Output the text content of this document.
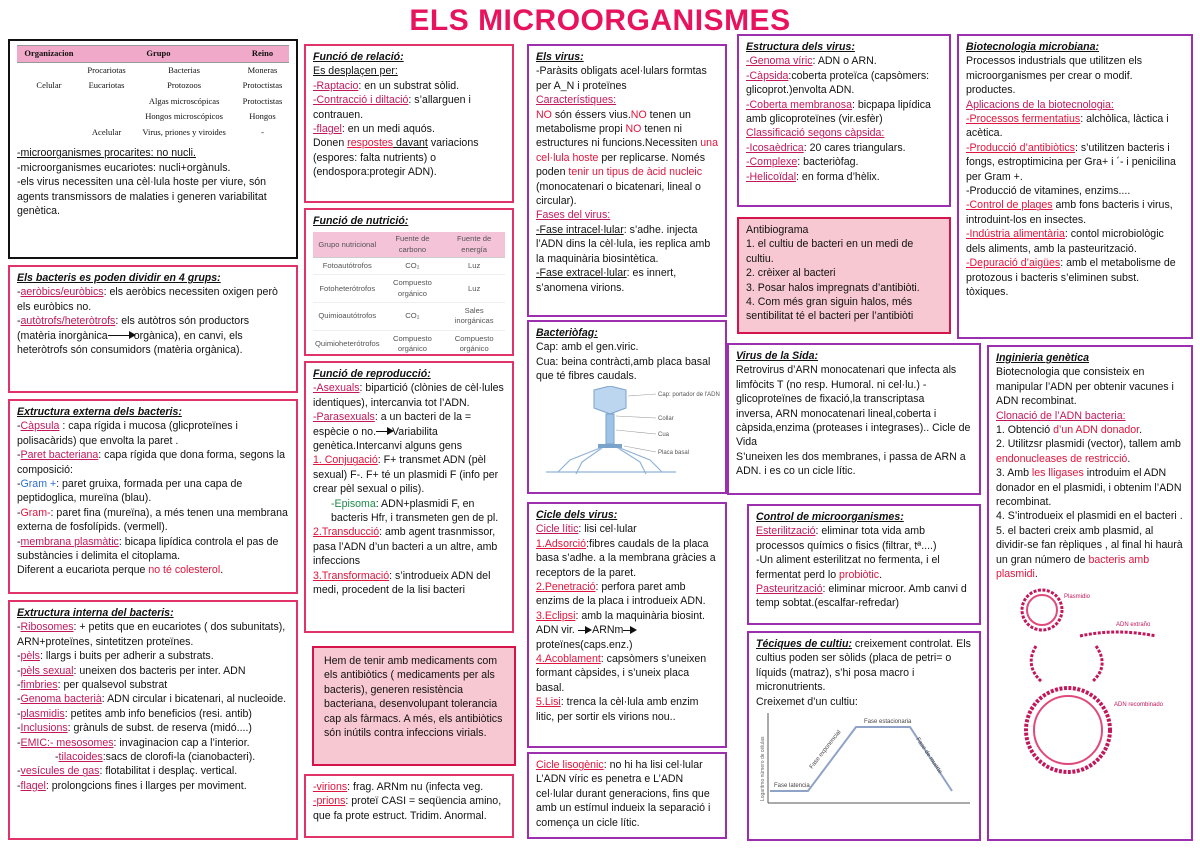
ELS MICROORGANISMES
Organizacion	Grupo		Reino
	Procariotas	Bacterias	Moneras
Celular	Eucariotas	Protozoos	Protoctistas
		Algas microscópicas	Protoctistas
		Hongos microscópicos	Hongos
	Acelular	Virus, priones y viroides	-

-microorganismes procarites: no nucli.

-microorganismes eucariotes: nucli+orgànuls.

-els virus necessiten una cèl·lula hoste per viure, són agents transmissors de malaties i generen variabilitat genètica.

Els bacteris es poden dividir en 4 grups:

-aeròbics/euròbics: els aeròbics necessiten oxigen però els euròbics no.

-autòtrofs/heteròtrofs: els autòtros són productors (matèria inorgànica orgànica), en canvi, els heteròtrofs són consumidors (matèria orgànica).

Extructura externa dels bacteris:

-Càpsula : capa rígida i mucosa (glicproteïnes i polisacàrids) que envolta la paret .

-Paret bacteriana: capa rígida que dona forma, segons la composició:

-Gram +: paret gruixa, formada per una capa de peptidoglica, mureïna (blau).

-Gram-: paret fina (mureïna), a més tenen una membrana externa de fosfolípids. (vermell).

-membrana plasmàtic: bicapa lipídica controla el pas de substàncies i delimita el citoplama.

Diferent a eucariota perque no té colesterol.

Extructura interna del bacteris:

-Ribosomes: + petits que en eucariotes ( dos subunitats), ARN+proteïnes, sintetitzen proteïnes.

-pèls: llargs i buits per adherir a substrats.

-pèls sexual: uneixen dos bacteris per inter. ADN

-fimbries: per qualsevol substrat

-Genoma bacterià: ADN circular i bicatenari, al nucleoide.

-plasmidis: petites amb info beneficios (resi. antib)

-Inclusions: grànuls de subst. de reserva (midó....)

-EMIC:- mesosomes: invaginacion cap a l’interior.

-tilacoides:sacs de clorofi-la (cianobacteri).

-vesícules de gas: flotabilitat i desplaç. vertical.

-flagel: prolongcions fines i llarges per moviment.

Funció de relació:

Es desplaçen per:

-Raptacio: en un substrat sòlid.

-Contracció i diltació: s’allarguen i contrauen.

-flagel: en un medi aquós.

Donen respostes davant variacions (espores: falta nutrients) o (endospora:protegir ADN).

Funció de nutrició:

Grupo nutricional	Fuente de carbono	Fuente de energía
Fotoautótrofos	CO₂	Luz
Fotoheterótrofos	Compuesto orgánico	Luz
Quimioautótrofos	CO₂	Sales inorgánicas
Quimioheterótrofos	Compuesto orgánico	Compuesto orgánico

Funció de reproducció:

-Asexuals: bipartició (clònies de cèl·lules identiques), intercanvia tot l’ADN.

-Parasexuals: a un bacteri de la = espècie o no. Variabilita genètica.Intercanvi alguns gens

1. Conjugació: F+ transmet ADN (pèl sexual) F-. F+ té un plasmidi F (info per crear pèl sexual o pilis).

-Episoma: ADN+plasmidi F, en bacteris Hfr, i transmeten gen de pl.

2.Transducció: amb agent trasnmissor, pasa l’ADN d’un bacteri a un altre, amb infeccions

3.Transformació: s’introdueix ADN del medi, procedent de la lisi bacteri

Hem de tenir amb medicaments com els antibiòtics ( medicaments per als bacteris), generen resistència bacteriana, desenvolupant tolerancia cap als fàrmacs. A més, els antibiòtics són inútils contra infeccions virials.

-virions: frag. ARNm nu (infecta veg.

-prions: proteï CASI = seqüencia amino, que fa prote estruct. Tridim. Anormal.

Els virus:

-Paràsits obligats acel·lulars formtas per A_N i proteïnes

Característiques:

NO són éssers vius.NO tenen un metabolisme propi NO tenen ni estructures ni funcions.Necessiten una cel·lula hoste per replicarse. Només poden tenir un tipus de àcid nucleic (monocatenari o bicatenari, lineal o circular).

Fases del virus:

-Fase intracel·lular: s’adhe. injecta l’ADN dins la cèl·lula, ies replica amb la maquinària biosintètica.

-Fase extracel·lular: es innert, s’anomena virions.

Bacteriòfag:

Cap: amb el gen.viric.

Cua: beina contràcti,amb placa basal que té fibres caudals.

Cap: portador de l'ADN
Collar
Cua
Placa basal

Cicle dels virus:

Cicle lític: lisi cel·lular

1.Adsorció:fibres caudals de la placa basa s’adhe. a la membrana gràcies a receptors de la paret.

2.Penetració: perfora paret amb enzims de la placa i introdueix ADN.

3.Eclipsi: amb la maquinària biosint.

ADN vir. ARNm

proteïnes(caps.enz.)

4.Acoblament: capsòmers s’uneixen formant càpsides, i s’uneix placa basal.

5.Lisi: trenca la cèl·lula amb enzim litic, per sortir els virions nou..

Cicle lisogènic: no hi ha lisi cel·lular L’ADN víric es penetra e L’ADN cel·lular durant generacions, fins que amb un estímul indueix la separació i comença un cicle lític.

Estructura dels virus:

-Genoma víric: ADN o ARN.

-Càpsida:coberta proteïca (capsòmers: glicoprot.)envolta ADN.

-Coberta membranosa: bicpapa lipídica amb glicoproteïnes (vir.esfèr)

Classificació segons càpsida:

-Icosaèdrica: 20 cares triangulars.

-Complexe: bacteriòfag.

-Helicoïdal: en forma d’hèlix.

Antibiograma

1. el cultiu de bacteri en un medi de cultiu.

2. crèixer al bacteri

3. Posar halos impregnats d’antibiòti.

4. Com més gran siguin halos, més sentibilitat té el bacteri per l’antibiòti

Virus de la Sida:

Retrovirus d’ARN monocatenari que infecta als limfòcits T (no resp. Humoral. ni cel·lu.) -glicoproteïnes de fixació,la transcriptasa

inversa, ARN monocatenari lineal,coberta i càpsida,enzima (proteases i integrases).. Cicle de Vida

S’uneixen les dos membranes, i passa de ARN a ADN. i es co un cicle lític.

Control de microorganismes:

Esterilització: eliminar tota vida amb processos químics o fisics (filtrar, tª....)

-Un aliment esterilitzat no fermenta, i el fermentat perd lo probiòtic.

Pasteurització: eliminar microor. Amb canvi d temp sobtat.(escalfar-refredar)

Téciques de cultiu: creixement controlat. Els cultius poden ser sòlids (placa de petri= o líquids (matraz), s’hi posa macro i micronutrients.

Creixemet d’un cultiu:

Fase estacionaria
Fase exponencial	Fase de muerte
Fase latencia
Logaritmo número de células

Biotecnologia microbiana:

Processos industrials que utilitzen els microorganismes per crear o modif. productes.

Aplicacions de la biotecnologia:

-Processos fermentatius: alchòlica, làctica i acètica.

-Producció d’antibiòtics: s’utilitzen bacteris i fongs, estroptimicina per Gra+ i ´- i penicilina per Gram +.

-Producció de vitamines, enzims....

-Control de plages amb fons bacteris i virus, introduint-los en insectes.

-Indústria alimentària: contol microbiològic dels aliments, amb la pasteurització.

-Depuració d’aigües: amb el metabolisme de protozous i bacteris s’eliminen subst. tòxiques.

Inginieria genètica

Biotecnologia que consisteix en manipular l’ADN per obtenir vacunes i ADN recombinat.

Clonació de l’ADN bacteria:

1. Obtenció d’un ADN donador.

2. Utilitzsr plasmidi (vector), tallem amb endonucleases de restricció.

3. Amb les lligases introduim el ADN donador en el plasmidi, i obtenim l’ADN recombinat.

4. S’introdueix el plasmidi en el bacteri .

5. el bacteri creix amb plasmid, al dividir-se fan rèpliques , al final hi haurà un gran número de bacteris amb plasmidi.

Plasmidio
ADN extraño
ADN recombinado
